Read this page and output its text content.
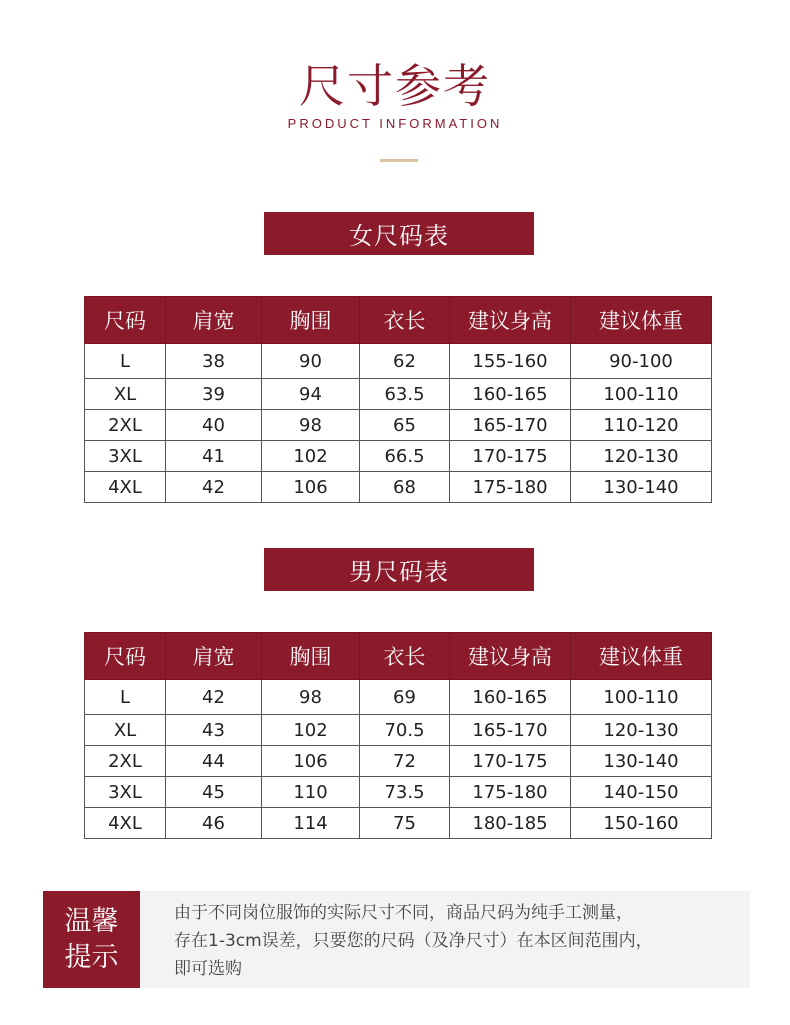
尺寸参考
PRODUCT INFORMATION
女尺码表
尺码	肩宽	胸围	衣长	建议身高	建议体重
L	38	90	62	155-160	90-100
XL	39	94	63.5	160-165	100-110
2XL	40	98	65	165-170	110-120
3XL	41	102	66.5	170-175	120-130
4XL	42	106	68	175-180	130-140
男尺码表
尺码	肩宽	胸围	衣长	建议身高	建议体重
L	42	98	69	160-165	100-110
XL	43	102	70.5	165-170	120-130
2XL	44	106	72	170-175	130-140
3XL	45	110	73.5	175-180	140-150
4XL	46	114	75	180-185	150-160
温馨
提示
由于不同岗位服饰的实际尺寸不同，商品尺码为纯手工测量，
存在1-3cm误差，只要您的尺码（及净尺寸）在本区间范围内，
即可选购
